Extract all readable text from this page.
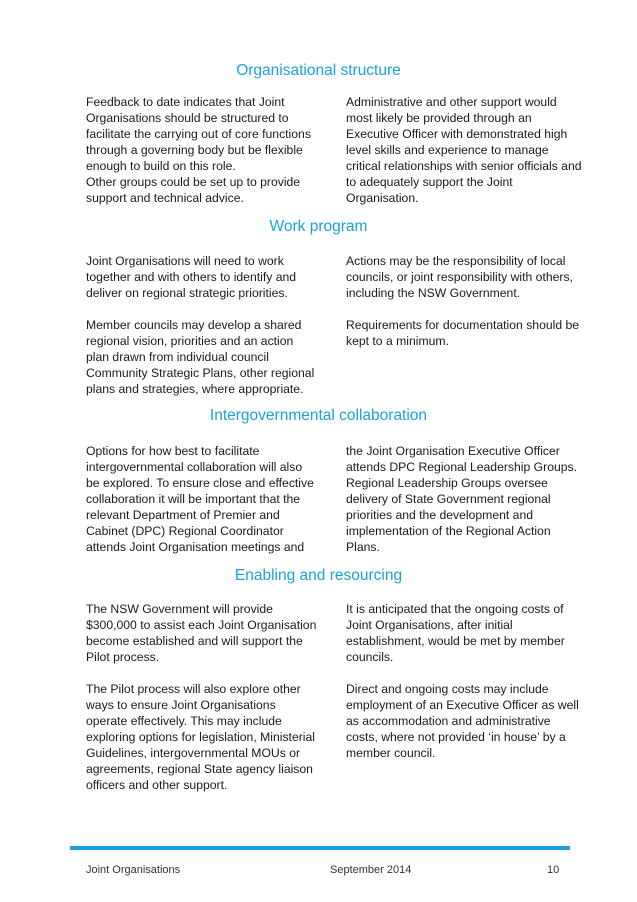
Organisational structure

Feedback to date indicates that Joint Organisations should be structured to facilitate the carrying out of core functions through a governing body but be flexible enough to build on this role.

Other groups could be set up to provide support and technical advice.

Administrative and other support would most likely be provided through an Executive Officer with demonstrated high level skills and experience to manage critical relationships with senior officials and to adequately support the Joint Organisation.

Work program

Joint Organisations will need to work together and with others to identify and deliver on regional strategic priorities.

Member councils may develop a shared regional vision, priorities and an action plan drawn from individual council Community Strategic Plans, other regional plans and strategies, where appropriate.

Actions may be the responsibility of local councils, or joint responsibility with others, including the NSW Government.

Requirements for documentation should be kept to a minimum.

Intergovernmental collaboration

Options for how best to facilitate intergovernmental collaboration will also be explored. To ensure close and effective collaboration it will be important that the relevant Department of Premier and Cabinet (DPC) Regional Coordinator attends Joint Organisation meetings and

the Joint Organisation Executive Officer attends DPC Regional Leadership Groups. Regional Leadership Groups oversee delivery of State Government regional priorities and the development and implementation of the Regional Action Plans.

Enabling and resourcing

The NSW Government will provide $300,000 to assist each Joint Organisation become established and will support the Pilot process.

The Pilot process will also explore other ways to ensure Joint Organisations operate effectively. This may include exploring options for legislation, Ministerial Guidelines, intergovernmental MOUs or agreements, regional State agency liaison officers and other support.

It is anticipated that the ongoing costs of Joint Organisations, after initial establishment, would be met by member councils.

Direct and ongoing costs may include employment of an Executive Officer as well as accommodation and administrative costs, where not provided ‘in house’ by a member council.

Joint Organisations	September 2014	10
